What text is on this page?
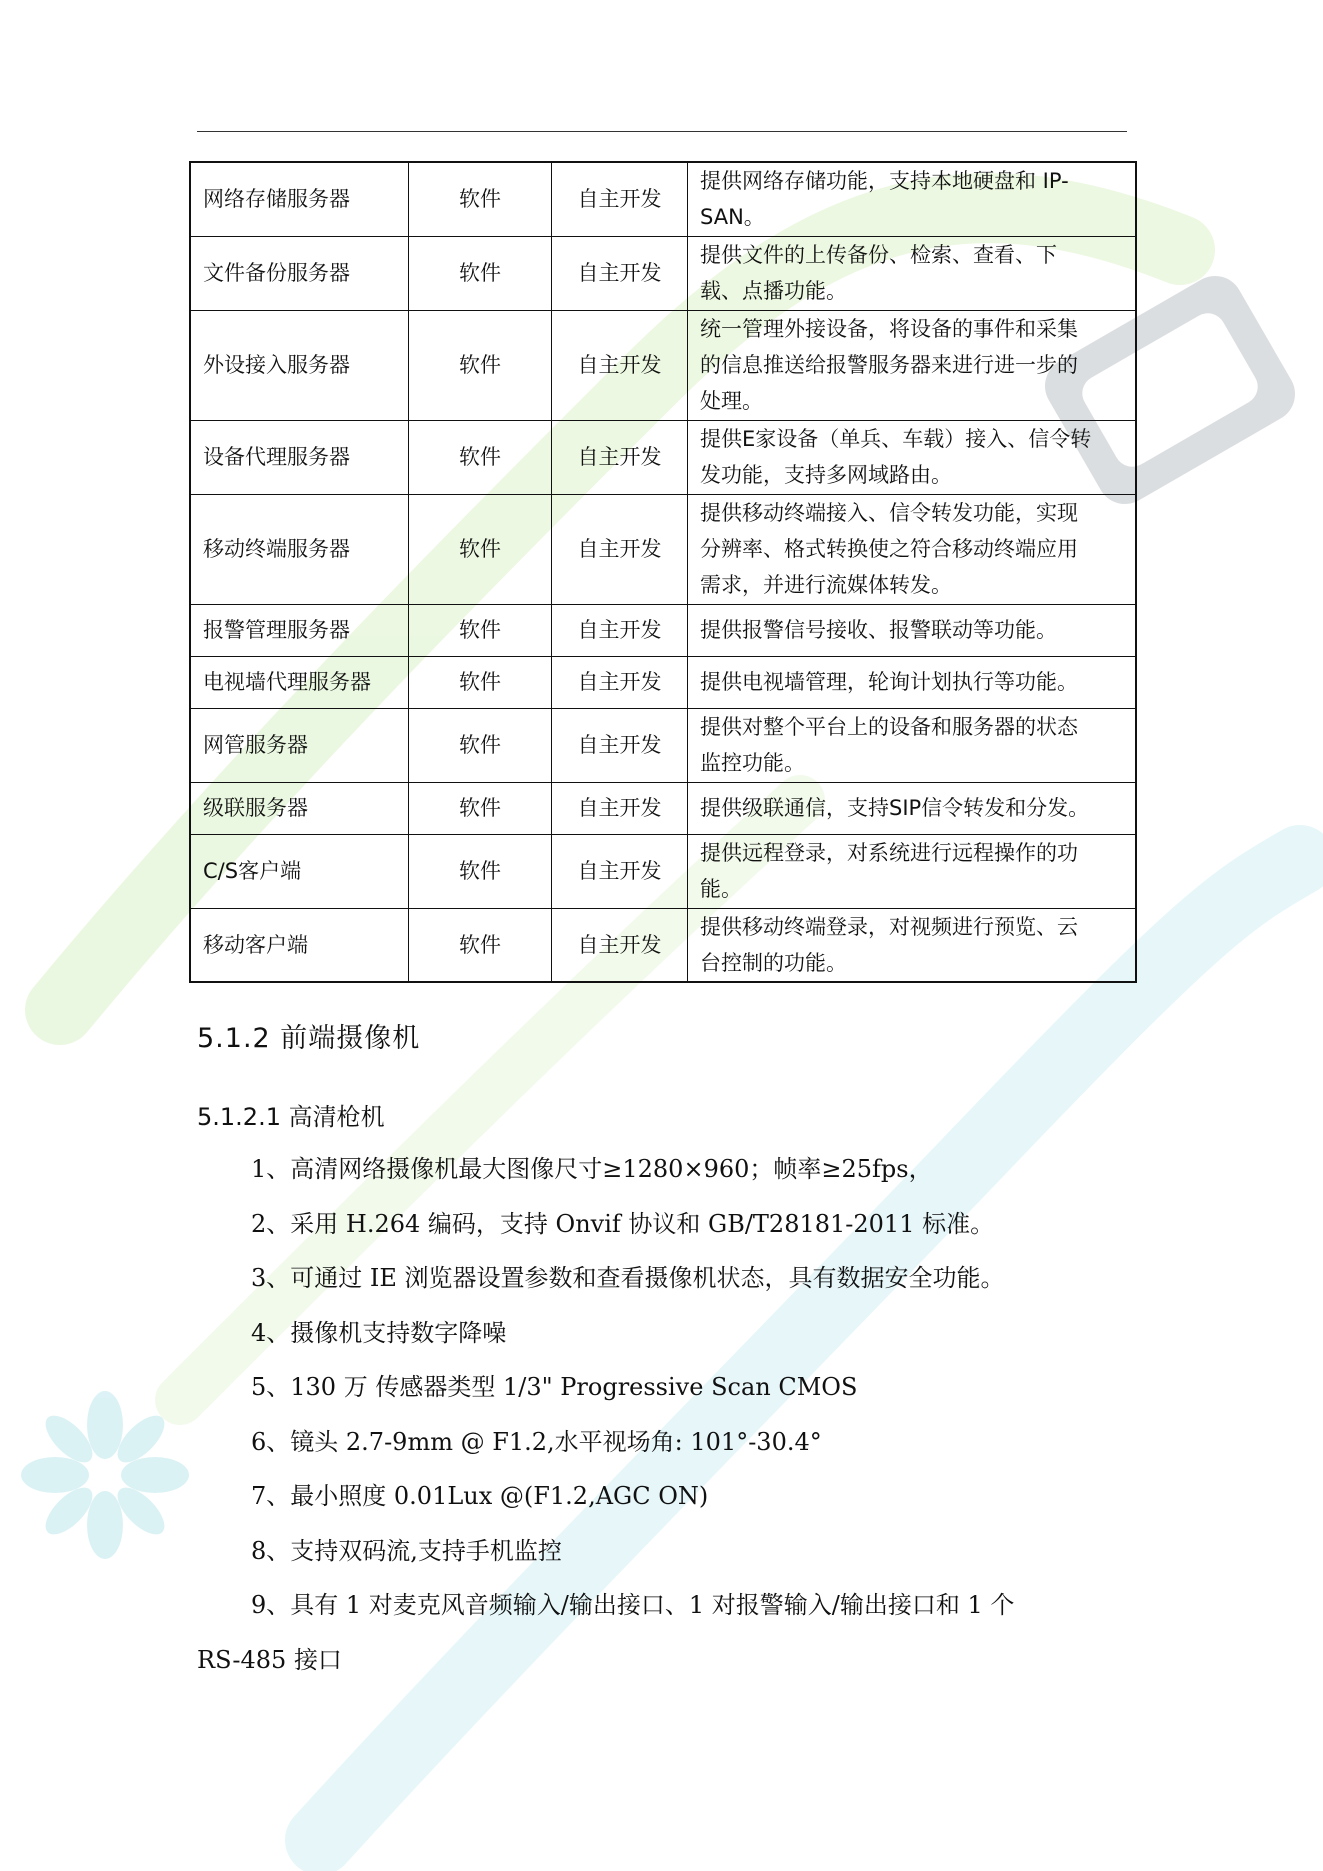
网络存储服务器	软件	自主开发	提供网络存储功能，支持本地硬盘和 IP-
SAN。

文件备份服务器	软件	自主开发	提供文件的上传备份、检索、查看、下
载、点播功能。

外设接入服务器	软件	自主开发	统一管理外接设备，将设备的事件和采集
的信息推送给报警服务器来进行进一步的
处理。

设备代理服务器	软件	自主开发	提供E家设备（单兵、车载）接入、信令转
发功能，支持多网域路由。

移动终端服务器	软件	自主开发	提供移动终端接入、信令转发功能，实现
分辨率、格式转换使之符合移动终端应用
需求，并进行流媒体转发。

报警管理服务器	软件	自主开发	提供报警信号接收、报警联动等功能。

电视墙代理服务器	软件	自主开发	提供电视墙管理，轮询计划执行等功能。

网管服务器	软件	自主开发	提供对整个平台上的设备和服务器的状态
监控功能。

级联服务器	软件	自主开发	提供级联通信，支持SIP信令转发和分发。

C/S客户端	软件	自主开发	提供远程登录，对系统进行远程操作的功
能。

移动客户端	软件	自主开发	提供移动终端登录，对视频进行预览、云
台控制的功能。
5.1.2 前端摄像机
5.1.2.1 高清枪机
1、高清网络摄像机最大图像尺寸≥1280×960；帧率≥25fps，
2、采用 H.264 编码，支持 Onvif 协议和 GB/T28181-2011 标准。
3、可通过 IE 浏览器设置参数和查看摄像机状态，具有数据安全功能。
4、摄像机支持数字降噪
5、130 万 传感器类型 1/3" Progressive Scan CMOS
6、镜头 2.7-9mm @ F1.2,水平视场角: 101°-30.4°
7、最小照度 0.01Lux @(F1.2,AGC ON)
8、支持双码流,支持手机监控
9、具有 1 对麦克风音频输入/输出接口、1 对报警输入/输出接口和 1 个
RS-485 接口
